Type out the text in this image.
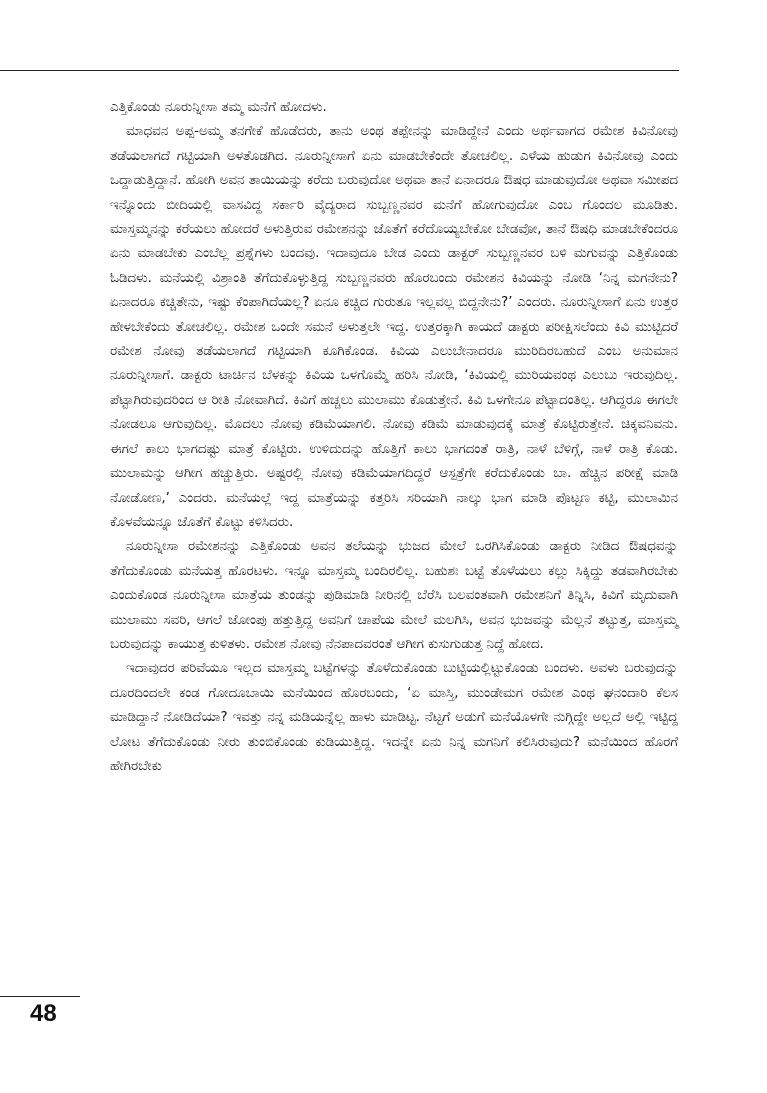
ಎತ್ತಿಕೊಂಡು ನೂರುನ್ನೀಸಾ ತಮ್ಮ ಮನೆಗೆ ಹೋದಳು.

ಮಾಧವನ ಅಪ್ಪ-ಅಮ್ಮ ತನಗೇಕೆ ಹೊಡೆದರು, ತಾನು ಅಂಥ ತಪ್ಪೇನನ್ನು ಮಾಡಿದ್ದೇನೆ ಎಂದು ಅರ್ಥವಾಗದ ರಮೇಶ ಕಿವಿನೋವು ತಡೆಯಲಾಗದೆ ಗಟ್ಟಿಯಾಗಿ ಅಳತೊಡಗಿದ. ನೂರುನ್ನೀಸಾಗೆ ಏನು ಮಾಡಬೇಕೆಂದೇ ತೋಚಲಿಲ್ಲ. ಎಳೆಯ ಹುಡುಗ ಕಿವಿನೋವು ಎಂದು ಒದ್ದಾಡುತ್ತಿದ್ದಾನೆ. ಹೋಗಿ ಅವನ ತಾಯಿಯನ್ನು ಕರೆದು ಬರುವುದೋ ಅಥವಾ ತಾನೆ ಏನಾದರೂ ಔಷಧ ಮಾಡುವುದೋ ಅಥವಾ ಸಮೀಪದ ಇನ್ನೊಂದು ಬೀದಿಯಲ್ಲಿ ವಾಸವಿದ್ದ ಸರ್ಕಾರಿ ವೈದ್ಯರಾದ ಸುಬ್ಬಣ್ಣನವರ ಮನೆಗೆ ಹೋಗುವುದೋ ಎಂಬ ಗೊಂದಲ ಮೂಡಿತು. ಮಾಸ್ತಮ್ಮನನ್ನು ಕರೆಯಲು ಹೋದರೆ ಅಳುತ್ತಿರುವ ರಮೇಶನನ್ನು ಜೊತೆಗೆ ಕರೆದೊಯ್ಯಬೇಕೋ ಬೇಡವೋ, ತಾನೆ ಔಷಧಿ ಮಾಡಬೇಕೆಂದರೂ ಏನು ಮಾಡಬೇಕು ಎಂಬೆಲ್ಲ ಪ್ರಶ್ನೆಗಳು ಬಂದವು. ಇದಾವುದೂ ಬೇಡ ಎಂದು ಡಾಕ್ಟರ್ ಸುಬ್ಬಣ್ಣನವರ ಬಳಿ ಮಗುವನ್ನು ಎತ್ತಿಕೊಂಡು ಓಡಿದಳು. ಮನೆಯಲ್ಲಿ ವಿಶ್ರಾಂತಿ ತೆಗೆದುಕೊಳ್ಳುತ್ತಿದ್ದ ಸುಬ್ಬಣ್ಣನವರು ಹೊರಬಂದು ರಮೇಶನ ಕಿವಿಯನ್ನು ನೋಡಿ ‘ನಿನ್ನ ಮಗನೇನು? ಏನಾದರೂ ಕಚ್ಚಿತೇನು, ಇಷ್ಟು ಕೆಂಪಾಗಿದೆಯಲ್ಲ? ಏನೂ ಕಚ್ಚಿದ ಗುರುತೂ ಇಲ್ಲವಲ್ಲ ಬಿದ್ದನೇನು?’ ಎಂದರು. ನೂರುನ್ನೀಸಾಗೆ ಏನು ಉತ್ತರ ಹೇಳಬೇಕೆಂದು ತೋಚಲಿಲ್ಲ. ರಮೇಶ ಒಂದೇ ಸಮನೆ ಅಳುತ್ತಲೇ ಇದ್ದ. ಉತ್ತರಕ್ಕಾಗಿ ಕಾಯದೆ ಡಾಕ್ಟರು ಪರೀಕ್ಷಿಸಲೆಂದು ಕಿವಿ ಮುಟ್ಟಿದರೆ ರಮೇಶ ನೋವು ತಡೆಯಲಾಗದೆ ಗಟ್ಟಿಯಾಗಿ ಕೂಗಿಕೊಂಡ. ಕಿವಿಯ ಎಲುಬೇನಾದರೂ ಮುರಿದಿರಬಹುದೆ ಎಂಬ ಅನುಮಾನ ನೂರುನ್ನೀಸಾಗೆ. ಡಾಕ್ಟರು ಟಾರ್ಚಿನ ಬೆಳಕನ್ನು ಕಿವಿಯ ಒಳಗೊಮ್ಮೆ ಹರಿಸಿ ನೋಡಿ, ‘ಕಿವಿಯಲ್ಲಿ ಮುರಿಯವಂಥ ಎಲುಬು ಇರುವುದಿಲ್ಲ. ಪೆಟ್ಟಾಗಿರುವುದರಿಂದ ಆ ರೀತಿ ನೋವಾಗಿದೆ. ಕಿವಿಗೆ ಹಚ್ಚಲು ಮುಲಾಮು ಕೊಡುತ್ತೇನೆ. ಕಿವಿ ಒಳಗೇನೂ ಪೆಟ್ಟಾದಂತಿಲ್ಲ. ಆಗಿದ್ದರೂ ಈಗಲೇ ನೋಡಲೂ ಆಗುವುದಿಲ್ಲ. ಮೊದಲು ನೋವು ಕಡಿಮೆಯಾಗಲಿ. ನೋವು ಕಡಿಮೆ ಮಾಡುವುದಕ್ಕೆ ಮಾತ್ರೆ ಕೊಟ್ಟಿರುತ್ತೇನೆ. ಚಿಕ್ಕವನಿವನು. ಈಗಲೆ ಕಾಲು ಭಾಗದಷ್ಟು ಮಾತ್ರೆ ಕೊಟ್ಟಿರು. ಉಳಿದುದನ್ನು ಹೊತ್ತಿಗೆ ಕಾಲು ಭಾಗದಂತೆ ರಾತ್ರಿ, ನಾಳೆ ಬೆಳಿಗ್ಗೆ, ನಾಳೆ ರಾತ್ರಿ ಕೊಡು. ಮುಲಾಮನ್ನು ಆಗೀಗ ಹಚ್ಚುತ್ತಿರು. ಅಷ್ಟರಲ್ಲಿ ನೋವು ಕಡಿಮೆಯಾಗದಿದ್ದರೆ ಆಸ್ಪತ್ರೆಗೇ ಕರೆದುಕೊಂಡು ಬಾ. ಹೆಚ್ಚಿನ ಪರೀಕ್ಷೆ ಮಾಡಿ ನೋಡೋಣ,’ ಎಂದರು. ಮನೆಯಲ್ಲೆ ಇದ್ದ ಮಾತ್ರೆಯನ್ನು ಕತ್ತರಿಸಿ ಸರಿಯಾಗಿ ನಾಲ್ಕು ಭಾಗ ಮಾಡಿ ಪೊಟ್ಟಣ ಕಟ್ಟಿ, ಮುಲಾಮಿನ ಕೊಳವೆಯನ್ನೂ ಜೊತೆಗೆ ಕೊಟ್ಟು ಕಳಿಸಿದರು.

ನೂರುನ್ನೀಸಾ ರಮೇಶನನ್ನು ಎತ್ತಿಕೊಂಡು ಅವನ ತಲೆಯನ್ನು ಭುಜದ ಮೇಲೆ ಒರಗಿಸಿಕೊಂಡು ಡಾಕ್ಟರು ನೀಡಿದ ಔಷಧವನ್ನು ತೆಗೆದುಕೊಂಡು ಮನೆಯತ್ತ ಹೊರಟಳು. ಇನ್ನೂ ಮಾಸ್ತಮ್ಮ ಬಂದಿರಲಿಲ್ಲ. ಬಹುಶಃ ಬಟ್ಟೆ ತೊಳೆಯಲು ಕಲ್ಲು ಸಿಕ್ಕಿದ್ದು ತಡವಾಗಿರಬೇಕು ಎಂದುಕೊಂಡ ನೂರುನ್ನೀಸಾ ಮಾತ್ರೆಯ ತುಂಡನ್ನು ಪುಡಿಮಾಡಿ ನೀರಿನಲ್ಲಿ ಬೆರೆಸಿ ಬಲವಂತವಾಗಿ ರಮೇಶನಿಗೆ ತಿನ್ನಿಸಿ, ಕಿವಿಗೆ ಮೃದುವಾಗಿ ಮುಲಾಮು ಸವರಿ, ಆಗಲೆ ಜೋಂಪು ಹತ್ತುತ್ತಿದ್ದ ಅವನಿಗೆ ಚಾಪೆಯ ಮೇಲೆ ಮಲಗಿಸಿ, ಅವನ ಭುಜವನ್ನು ಮೆಲ್ಲನೆ ತಟ್ಟುತ್ತ, ಮಾಸ್ತಮ್ಮ ಬರುವುದನ್ನು ಕಾಯುತ್ತ ಕುಳಿತಳು. ರಮೇಶ ನೋವು ನೆನಪಾದವರಂತೆ ಆಗೀಗ ಕುಸುಗುಡುತ್ತ ನಿದ್ದೆ ಹೋದ.

ಇದಾವುದರ ಪರಿವೆಯೂ ಇಲ್ಲದ ಮಾಸ್ತಮ್ಮ ಬಟ್ಟೆಗಳನ್ನು ತೊಳೆದುಕೊಂಡು ಬುಟ್ಟಿಯಲ್ಲಿಟ್ಟುಕೊಂಡು ಬಂದಳು. ಅವಳು ಬರುವುದನ್ನು ದೂರದಿಂದಲೇ ಕಂಡ ಗೋದೂಬಾಯಿ ಮನೆಯಿಂದ ಹೊರಬಂದು, ‘ಏ ಮಾಸ್ತಿ, ಮುಂಡೇಮಗ ರಮೇಶ ಎಂಥ ಘನಂದಾರಿ ಕೆಲಸ ಮಾಡಿದ್ದಾನೆ ನೋಡಿದೆಯಾ? ಇವತ್ತು ನನ್ನ ಮಡಿಯನ್ನೆಲ್ಲ ಹಾಳು ಮಾಡಿಟ್ಟ. ನೆಟ್ಟಗೆ ಅಡುಗೆ ಮನೆಯೊಳಗೇ ನುಗ್ಗಿದ್ದೇ ಅಲ್ಲದೆ ಅಲ್ಲಿ ಇಟ್ಟಿದ್ದ ಲೋಟ ತೆಗೆದುಕೊಂಡು ನೀರು ತುಂಬಿಕೊಂಡು ಕುಡಿಯುತ್ತಿದ್ದ. ಇದನ್ನೇ ಏನು ನಿನ್ನ ಮಗನಿಗೆ ಕಲಿಸಿರುವುದು? ಮನೆಯಿಂದ ಹೊರಗೆ ಹೇಗಿರಬೇಕು

48
